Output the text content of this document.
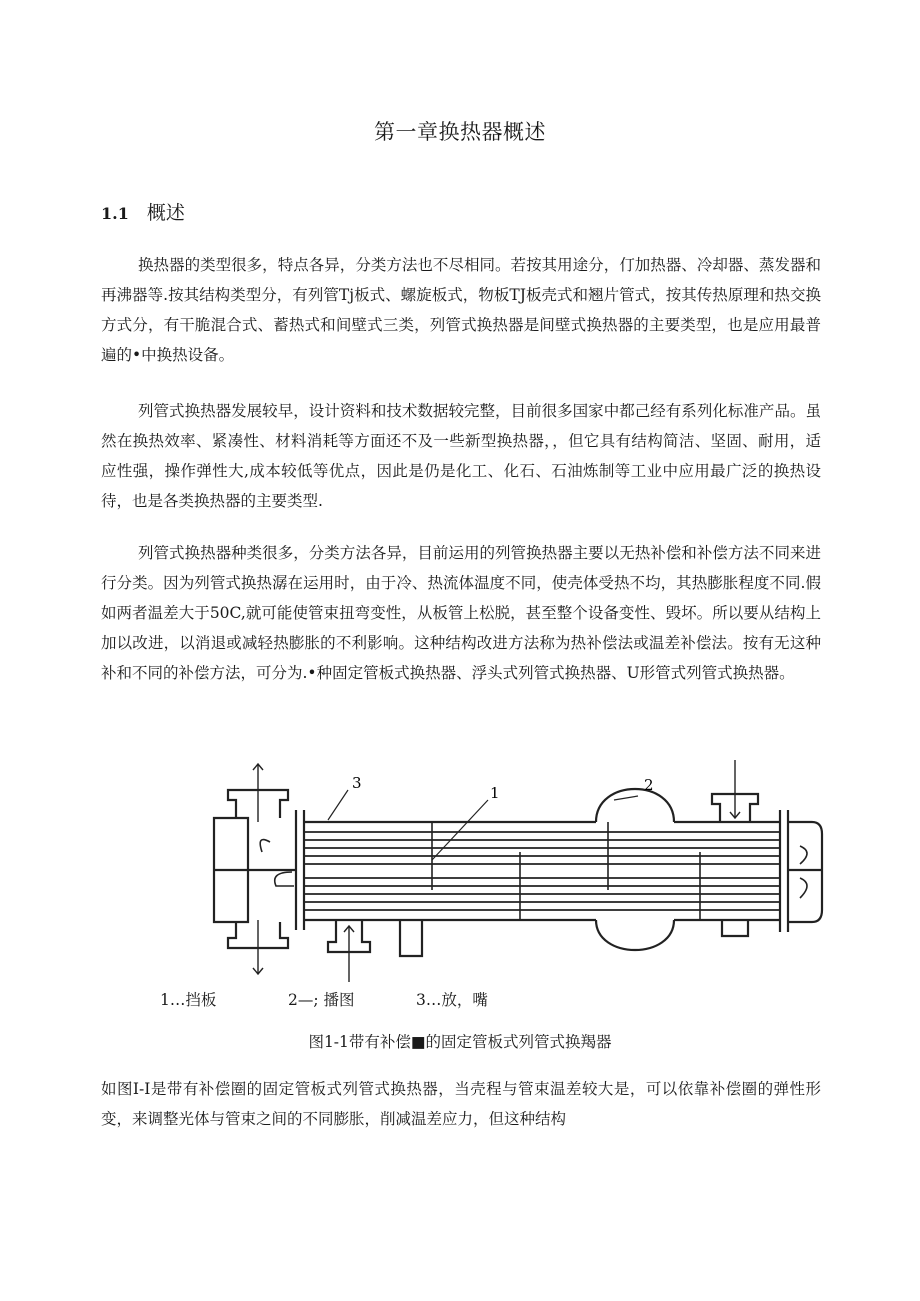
第一章换热器概述
1.1 概述

换热器的类型很多，特点各异，分类方法也不尽相同。若按其用途分，仃加热器、冷却器、蒸发器和再沸器等.按其结构类型分，有列管Tj板式、螺旋板式，物板TJ板壳式和翘片管式，按其传热原理和热交换方式分，有干脆混合式、蓄热式和间壁式三类，列管式换热器是间壁式换热器的主要类型，也是应用最普遍的•中换热设备。

列管式换热器发展较早，设计资料和技术数据较完整，目前很多国家中都己经有系列化标准产品。虽然在换热效率、紧凑性、材料消耗等方面还不及一些新型换热器，，但它具有结构简洁、坚固、耐用，适应性强，操作弹性大,成本较低等优点，因此是仍是化工、化石、石油炼制等工业中应用最广泛的换热设待，也是各类换热器的主要类型.

列管式换热器种类很多，分类方法各异，目前运用的列管换热器主要以无热补偿和补偿方法不同来进行分类。因为列管式换热潺在运用时，由于冷、热流体温度不同，使壳体受热不均，其热膨胀程度不同.假如两者温差大于50C,就可能使管束扭弯变性，从板管上松脱，甚至整个设备变性、毁坏。所以要从结构上加以改进，以消退或减轻热膨胀的不利影响。这种结构改进方法称为热补偿法或温差补偿法。按有无这种补和不同的补偿方法，可分为.•种固定管板式换热器、浮头式列管式换热器、U形管式列管式换热器。

3
1	2
1…挡板	2—; 播图	3…放，嘴
图1-1带有补偿■的固定管板式列管式换羯器

如图I-I是带有补偿圈的固定管板式列管式换热器，当壳程与管束温差较大是，可以依靠补偿圈的弹性形变，来调整光体与管束之间的不同膨胀，削减温差应力，但这种结构
